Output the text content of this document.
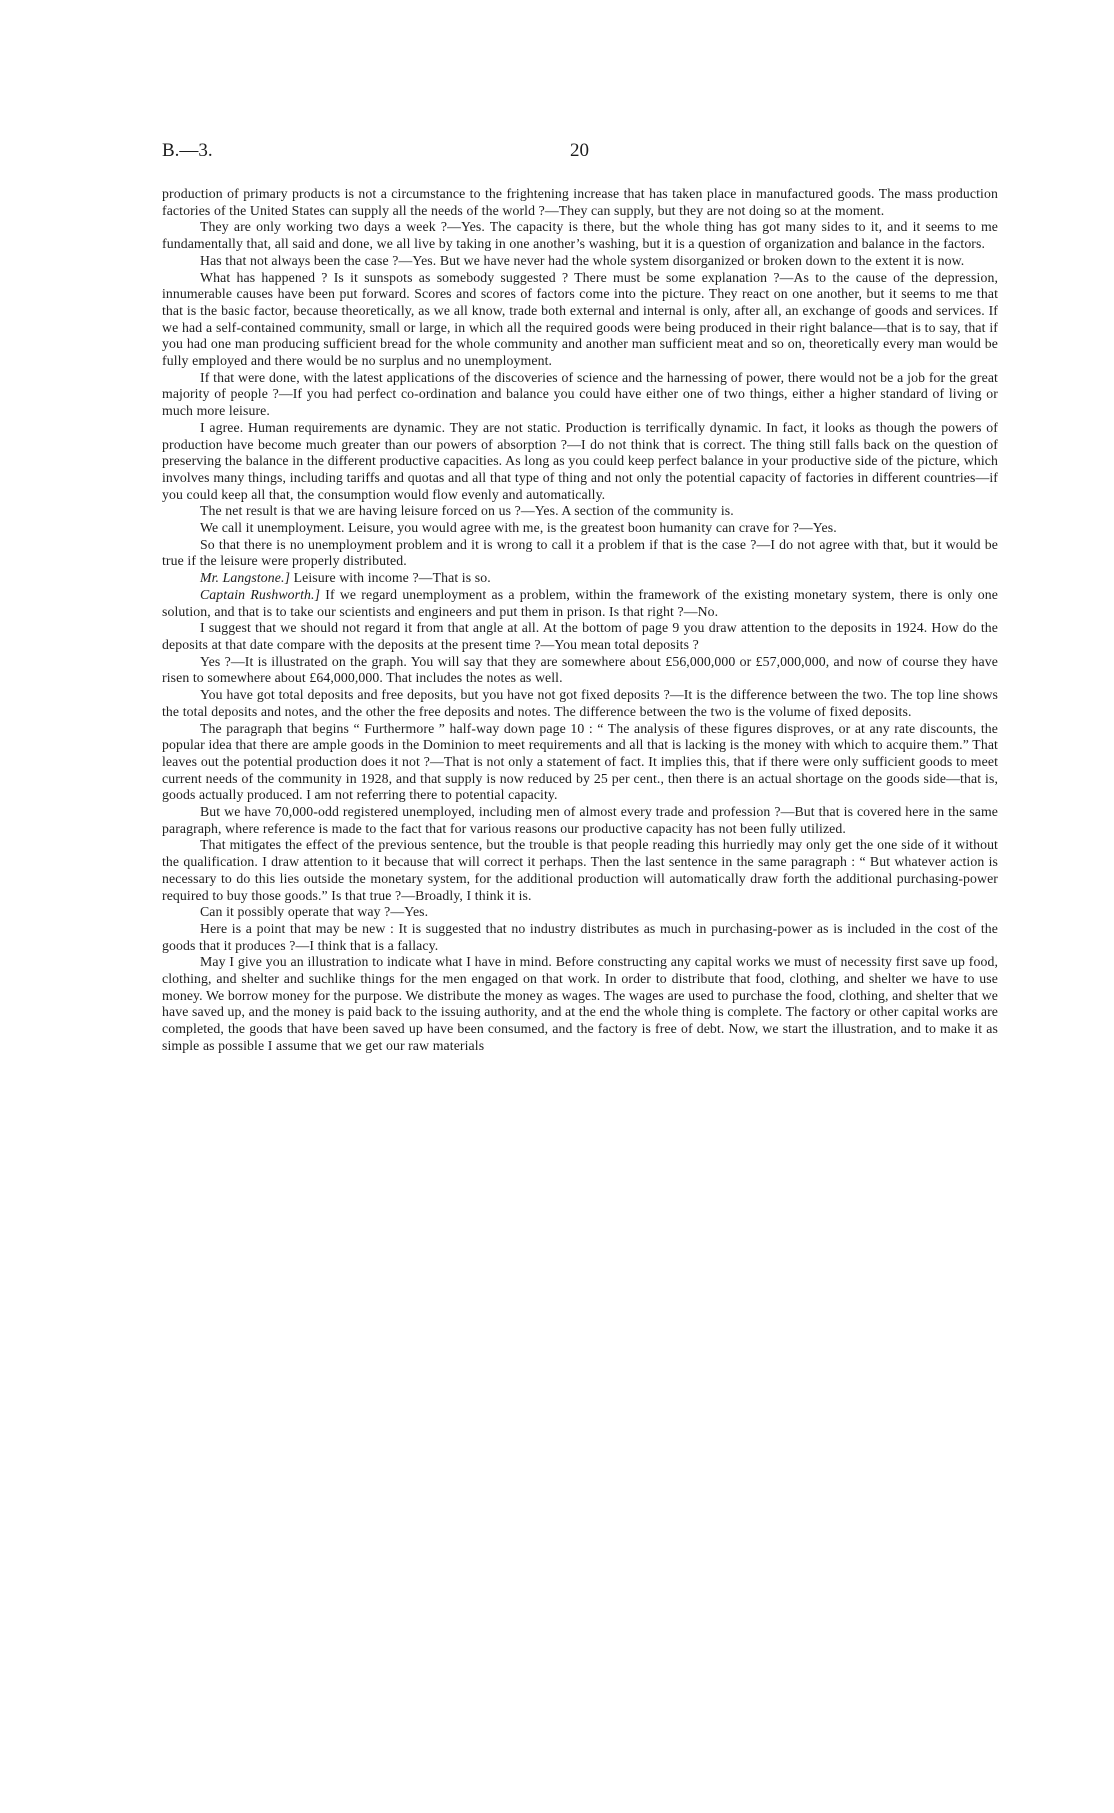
B.—3.	20

production of primary products is not a circumstance to the frightening increase that has taken place in manufactured goods. The mass production factories of the United States can supply all the needs of the world ?—They can supply, but they are not doing so at the moment.

They are only working two days a week ?—Yes. The capacity is there, but the whole thing has got many sides to it, and it seems to me fundamentally that, all said and done, we all live by taking in one another’s washing, but it is a question of organization and balance in the factors.

Has that not always been the case ?—Yes. But we have never had the whole system disorganized or broken down to the extent it is now.

What has happened ? Is it sunspots as somebody suggested ? There must be some explanation ?—As to the cause of the depression, innumerable causes have been put forward. Scores and scores of factors come into the picture. They react on one another, but it seems to me that that is the basic factor, because theoretically, as we all know, trade both external and internal is only, after all, an exchange of goods and services. If we had a self-contained community, small or large, in which all the required goods were being produced in their right balance—that is to say, that if you had one man producing sufficient bread for the whole community and another man sufficient meat and so on, theoretically every man would be fully employed and there would be no surplus and no unemployment.

If that were done, with the latest applications of the discoveries of science and the harnessing of power, there would not be a job for the great majority of people ?—If you had perfect co-ordination and balance you could have either one of two things, either a higher standard of living or much more leisure.

I agree. Human requirements are dynamic. They are not static. Production is terrifically dynamic. In fact, it looks as though the powers of production have become much greater than our powers of absorption ?—I do not think that is correct. The thing still falls back on the question of preserving the balance in the different productive capacities. As long as you could keep perfect balance in your productive side of the picture, which involves many things, including tariffs and quotas and all that type of thing and not only the potential capacity of factories in different countries—if you could keep all that, the consumption would flow evenly and automatically.

The net result is that we are having leisure forced on us ?—Yes. A section of the community is.

We call it unemployment. Leisure, you would agree with me, is the greatest boon humanity can crave for ?—Yes.

So that there is no unemployment problem and it is wrong to call it a problem if that is the case ?—I do not agree with that, but it would be true if the leisure were properly distributed.

Mr. Langstone.] Leisure with income ?—That is so.

Captain Rushworth.] If we regard unemployment as a problem, within the framework of the existing monetary system, there is only one solution, and that is to take our scientists and engineers and put them in prison. Is that right ?—No.

I suggest that we should not regard it from that angle at all. At the bottom of page 9 you draw attention to the deposits in 1924. How do the deposits at that date compare with the deposits at the present time ?—You mean total deposits ?

Yes ?—It is illustrated on the graph. You will say that they are somewhere about £56,000,000 or £57,000,000, and now of course they have risen to somewhere about £64,000,000. That includes the notes as well.

You have got total deposits and free deposits, but you have not got fixed deposits ?—It is the difference between the two. The top line shows the total deposits and notes, and the other the free deposits and notes. The difference between the two is the volume of fixed deposits.

The paragraph that begins “ Furthermore ” half-way down page 10 : “ The analysis of these figures disproves, or at any rate discounts, the popular idea that there are ample goods in the Dominion to meet requirements and all that is lacking is the money with which to acquire them.” That leaves out the potential production does it not ?—That is not only a statement of fact. It implies this, that if there were only sufficient goods to meet current needs of the community in 1928, and that supply is now reduced by 25 per cent., then there is an actual shortage on the goods side—that is, goods actually produced. I am not referring there to potential capacity.

But we have 70,000-odd registered unemployed, including men of almost every trade and profession ?—But that is covered here in the same paragraph, where reference is made to the fact that for various reasons our productive capacity has not been fully utilized.

That mitigates the effect of the previous sentence, but the trouble is that people reading this hurriedly may only get the one side of it without the qualification. I draw attention to it because that will correct it perhaps. Then the last sentence in the same paragraph : “ But whatever action is necessary to do this lies outside the monetary system, for the additional production will automatically draw forth the additional purchasing-power required to buy those goods.” Is that true ?—Broadly, I think it is.

Can it possibly operate that way ?—Yes.

Here is a point that may be new : It is suggested that no industry distributes as much in purchasing-power as is included in the cost of the goods that it produces ?—I think that is a fallacy.

May I give you an illustration to indicate what I have in mind. Before constructing any capital works we must of necessity first save up food, clothing, and shelter and suchlike things for the men engaged on that work. In order to distribute that food, clothing, and shelter we have to use money. We borrow money for the purpose. We distribute the money as wages. The wages are used to purchase the food, clothing, and shelter that we have saved up, and the money is paid back to the issuing authority, and at the end the whole thing is complete. The factory or other capital works are completed, the goods that have been saved up have been consumed, and the factory is free of debt. Now, we start the illustration, and to make it as simple as possible I assume that we get our raw materials
